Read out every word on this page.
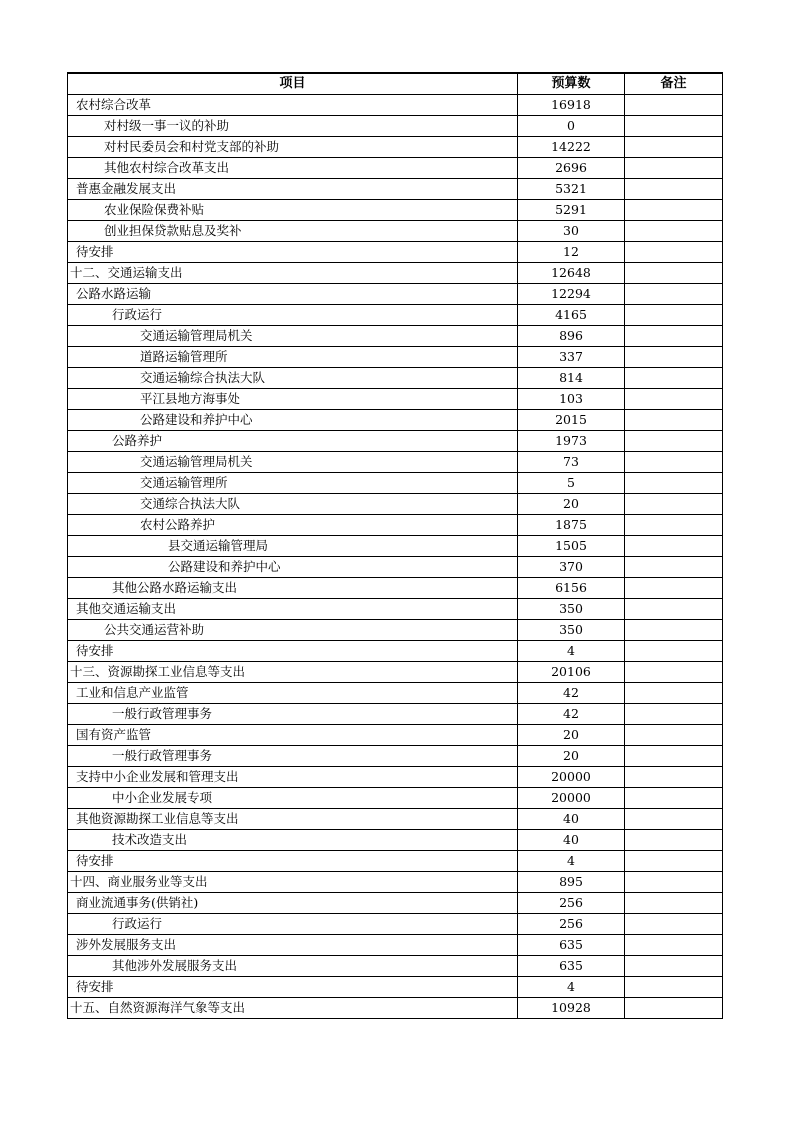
项目	预算数	备注
农村综合改革	16918	
对村级一事一议的补助	0	
对村民委员会和村党支部的补助	14222	
其他农村综合改革支出	2696	
普惠金融发展支出	5321	
农业保险保费补贴	5291	
创业担保贷款贴息及奖补	30	
待安排	12	
十二、交通运输支出	12648	
公路水路运输	12294	
行政运行	4165	
交通运输管理局机关	896	
道路运输管理所	337	
交通运输综合执法大队	814	
平江县地方海事处	103	
公路建设和养护中心	2015	
公路养护	1973	
交通运输管理局机关	73	
交通运输管理所	5	
交通综合执法大队	20	
农村公路养护	1875	
县交通运输管理局	1505	
公路建设和养护中心	370	
其他公路水路运输支出	6156	
其他交通运输支出	350	
公共交通运营补助	350	
待安排	4	
十三、资源勘探工业信息等支出	20106	
工业和信息产业监管	42	
一般行政管理事务	42	
国有资产监管	20	
一般行政管理事务	20	
支持中小企业发展和管理支出	20000	
中小企业发展专项	20000	
其他资源勘探工业信息等支出	40	
技术改造支出	40	
待安排	4	
十四、商业服务业等支出	895	
商业流通事务(供销社)	256	
行政运行	256	
涉外发展服务支出	635	
其他涉外发展服务支出	635	
待安排	4	
十五、自然资源海洋气象等支出	10928	
